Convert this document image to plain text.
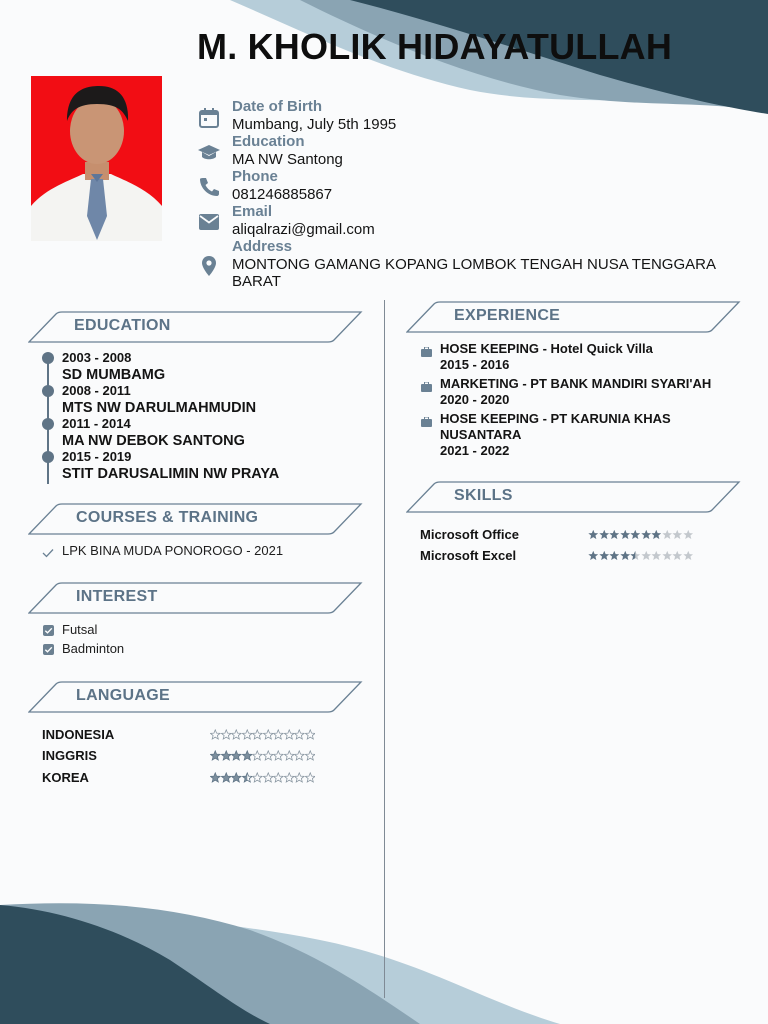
M. KHOLIK HIDAYATULLAH
Date of Birth
Mumbang, July 5th 1995
Education
MA NW Santong
Phone
081246885867
Email
aliqalrazi@gmail.com
Address
MONTONG GAMANG KOPANG LOMBOK TENGAH NUSA TENGGARA BARAT
EDUCATION
2003 - 2008
SD MUMBAMG
2008 - 2011
MTS NW DARULMAHMUDIN
2011 - 2014
MA NW DEBOK SANTONG
2015 - 2019
STIT DARUSALIMIN NW PRAYA
COURSES & TRAINING
LPK BINA MUDA PONOROGO - 2021
INTEREST
Futsal
Badminton
LANGUAGE
INDONESIA
INGGRIS
KOREA
EXPERIENCE
HOSE KEEPING - Hotel Quick Villa
2015 - 2016
MARKETING - PT BANK MANDIRI SYARI'AH
2020 - 2020
HOSE KEEPING - PT KARUNIA KHAS NUSANTARA
2021 - 2022
SKILLS
Microsoft Office
Microsoft Excel
